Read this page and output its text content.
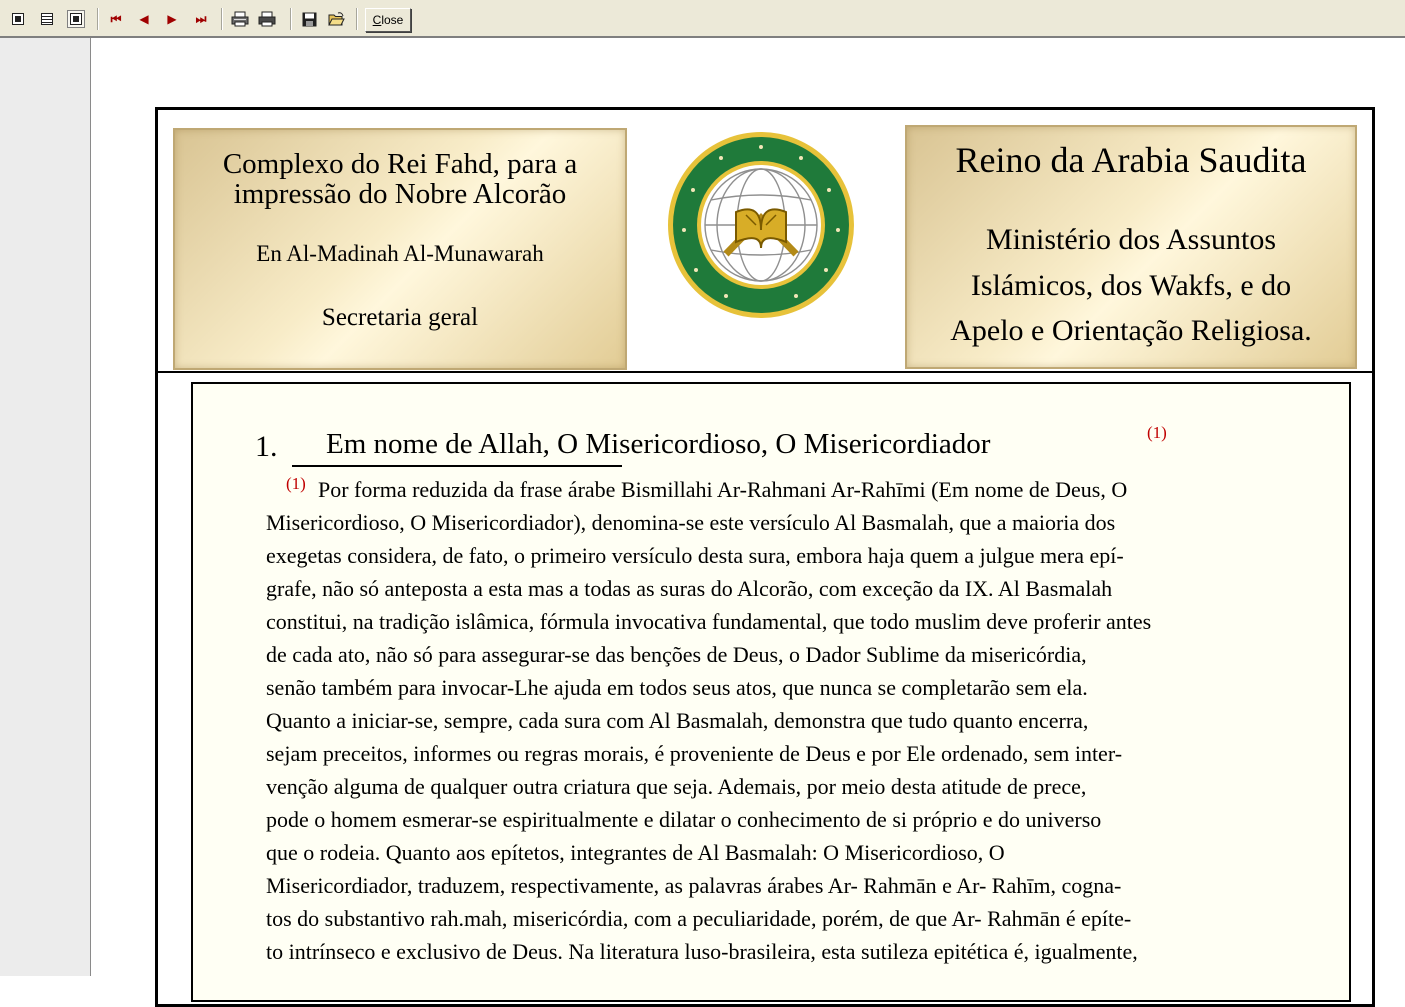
⏮ ◀ ▶ ⏭	C lose
Complexo do Rei Fahd, para a
impressão do Nobre Alcorão
En Al-Madinah Al-Munawarah
Secretaria geral
Reino da Arabia Saudita
Ministério dos Assuntos
Islámicos, dos Wakfs, e do
Apelo e Orientação Religiosa.
1. Em nome de Allah, O Misericordioso, O Misericordiador	(1)
(1) Por forma reduzida da frase árabe Bismillahi Ar-Rahmani Ar-Rahīmi (Em nome de Deus, O
Misericordioso, O Misericordiador), denomina-se este versículo Al Basmalah, que a maioria dos
exegetas considera, de fato, o primeiro versículo desta sura, embora haja quem a julgue mera epí-
grafe, não só anteposta a esta mas a todas as suras do Alcorão, com exceção da IX. Al Basmalah
constitui, na tradição islâmica, fórmula invocativa fundamental, que todo muslim deve proferir antes
de cada ato, não só para assegurar-se das benções de Deus, o Dador Sublime da misericórdia,
senão também para invocar-Lhe ajuda em todos seus atos, que nunca se completarão sem ela.
Quanto a iniciar-se, sempre, cada sura com Al Basmalah, demonstra que tudo quanto encerra,
sejam preceitos, informes ou regras morais, é proveniente de Deus e por Ele ordenado, sem inter-
venção alguma de qualquer outra criatura que seja. Ademais, por meio desta atitude de prece,
pode o homem esmerar-se espiritualmente e dilatar o conhecimento de si próprio e do universo
que o rodeia. Quanto aos epítetos, integrantes de Al Basmalah: O Misericordioso, O
Misericordiador, traduzem, respectivamente, as palavras árabes Ar- Rahmān e Ar- Rahīm, cogna-
tos do substantivo rah.mah, misericórdia, com a peculiaridade, porém, de que Ar- Rahmān é epíte-
to intrínseco e exclusivo de Deus. Na literatura luso-brasileira, esta sutileza epitética é, igualmente,
